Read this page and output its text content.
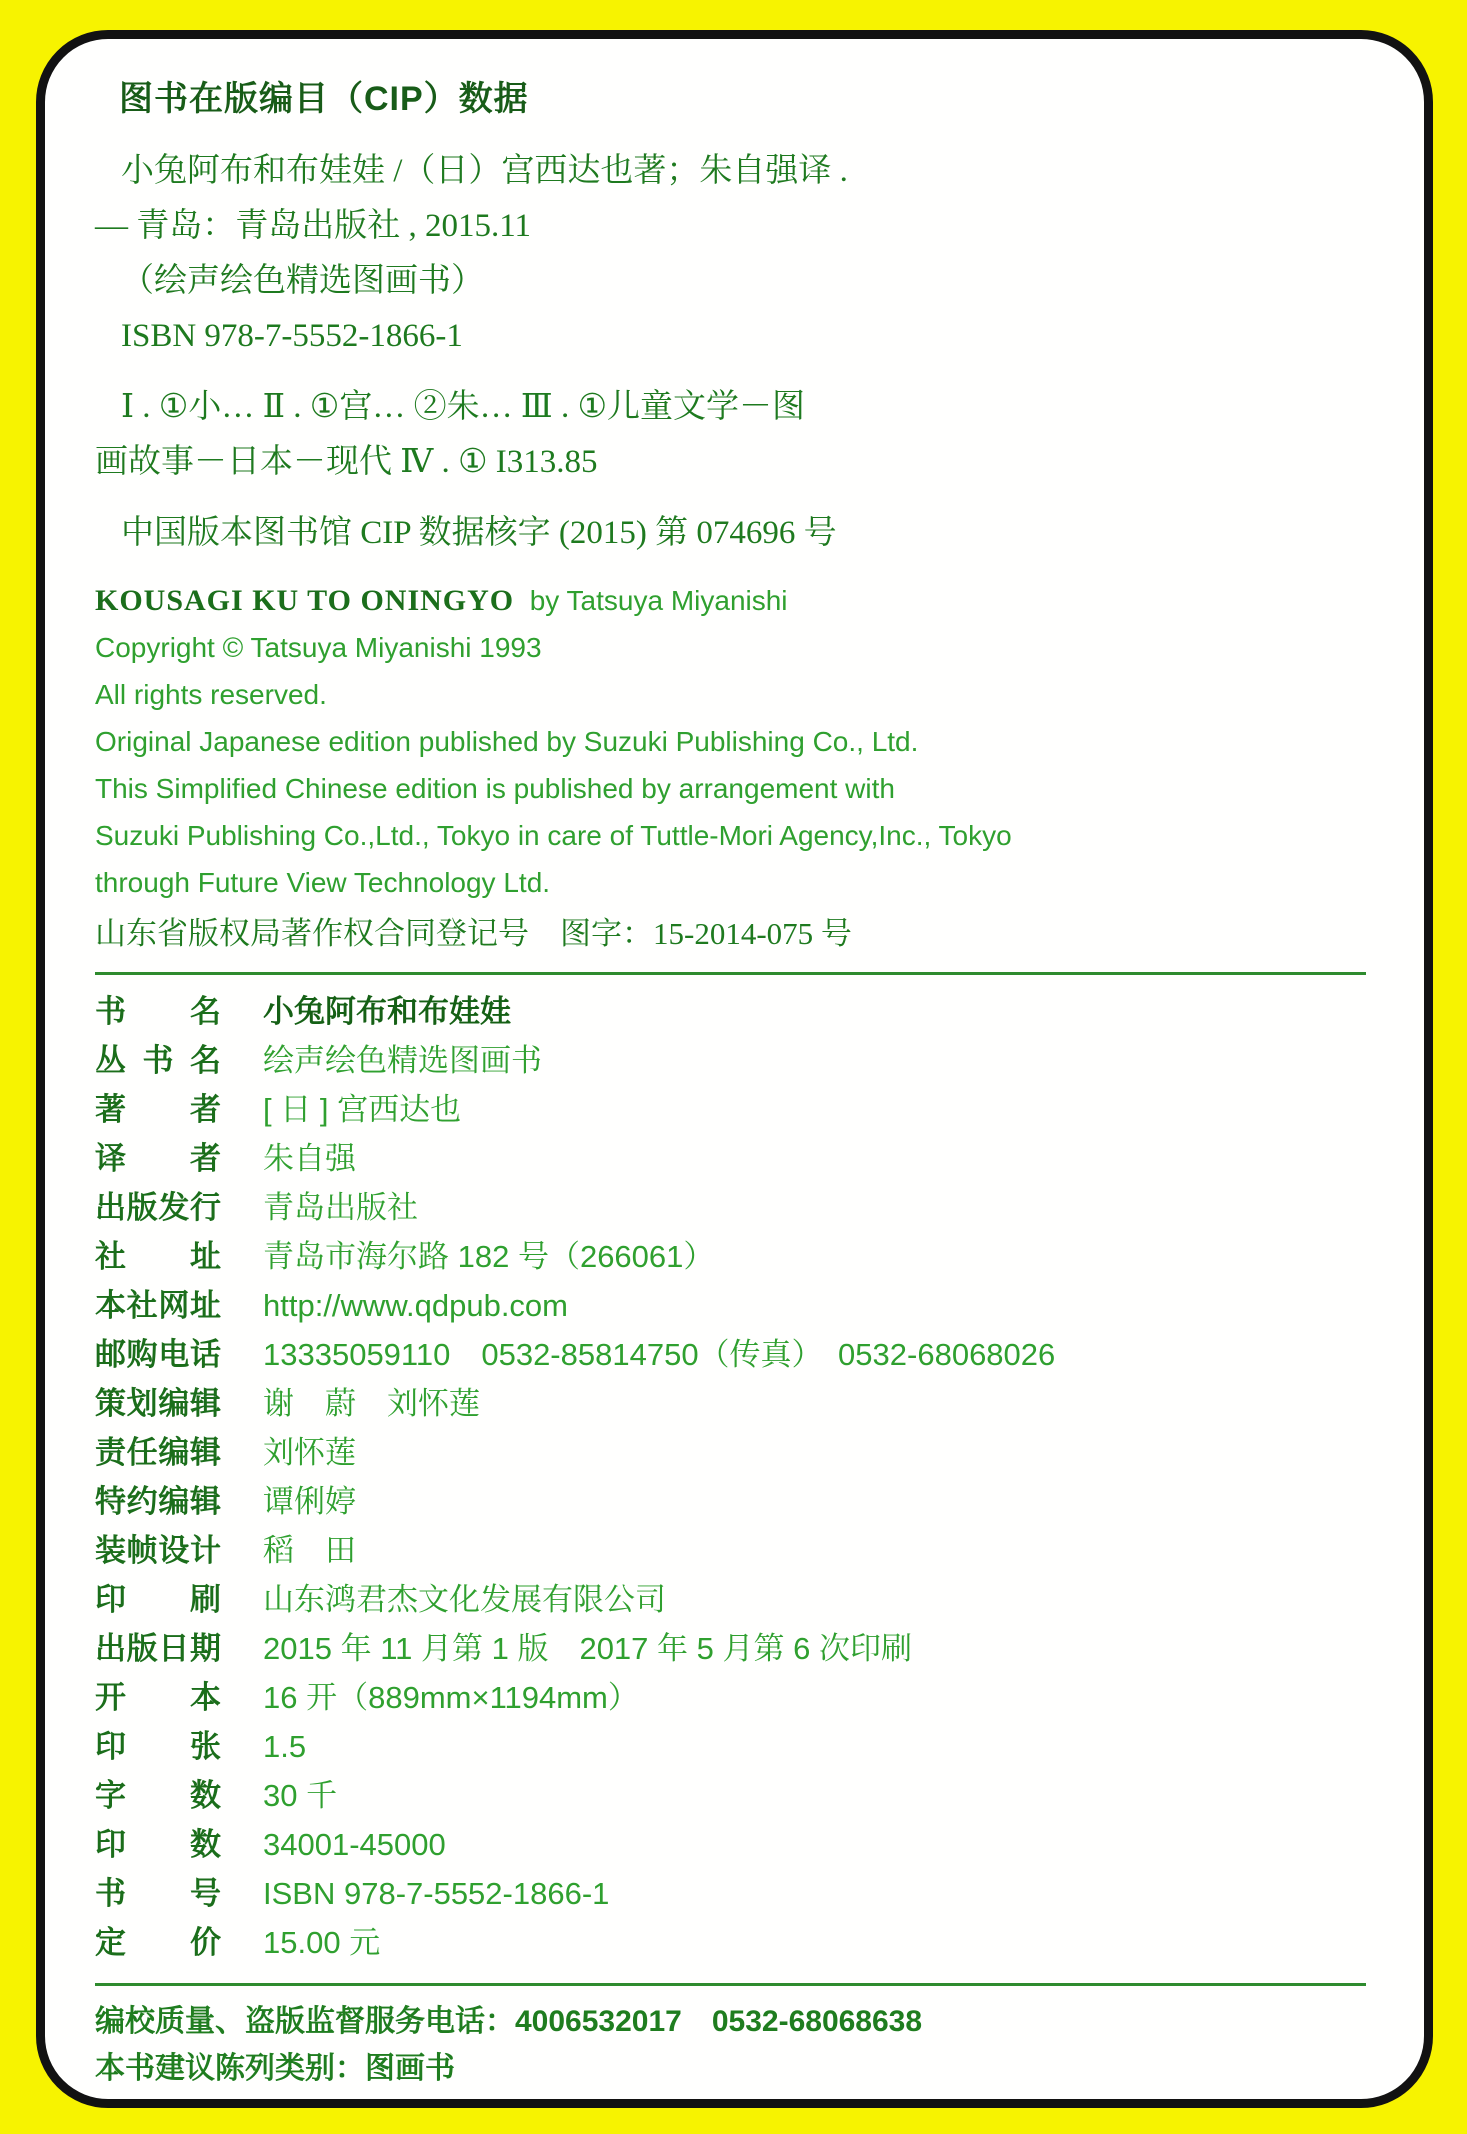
图书在版编目（CIP）数据

小兔阿布和布娃娃 /（日）宫西达也著；朱自强译 .

— 青岛：青岛出版社 , 2015.11

（绘声绘色精选图画书）

ISBN 978-7-5552-1866-1

Ⅰ . ①小… Ⅱ . ①宫… ②朱… Ⅲ . ①儿童文学－图

画故事－日本－现代 Ⅳ . ① I313.85

中国版本图书馆 CIP 数据核字 (2015) 第 074696 号

KOUSAGI KU TO ONINGYO by Tatsuya Miyanishi

Copyright © Tatsuya Miyanishi 1993

All rights reserved.

Original Japanese edition published by Suzuki Publishing Co., Ltd.

This Simplified Chinese edition is published by arrangement with

Suzuki Publishing Co.,Ltd., Tokyo in care of Tuttle-Mori Agency,Inc., Tokyo

through Future View Technology Ltd.

山东省版权局著作权合同登记号　图字：15-2014-075 号

书名 小兔阿布和布娃娃
丛书名 绘声绘色精选图画书
著者 [ 日 ] 宫西达也
译者 朱自强
出版发行 青岛出版社
社址 青岛市海尔路 182 号（266061）
本社网址 http://www.qdpub.com
邮购电话 13335059110　0532-85814750（传真）　0532-68068026
策划编辑 谢　蔚　刘怀莲
责任编辑 刘怀莲
特约编辑 谭俐婷
装帧设计 稻　田
印刷 山东鸿君杰文化发展有限公司
出版日期 2015 年 11 月第 1 版　2017 年 5 月第 6 次印刷
开本 16 开（889mm×1194mm）
印张 1.5
字数 30 千
印数 34001-45000
书号 ISBN 978-7-5552-1866-1
定价 15.00 元

编校质量、盗版监督服务电话：4006532017　0532-68068638

本书建议陈列类别：图画书
